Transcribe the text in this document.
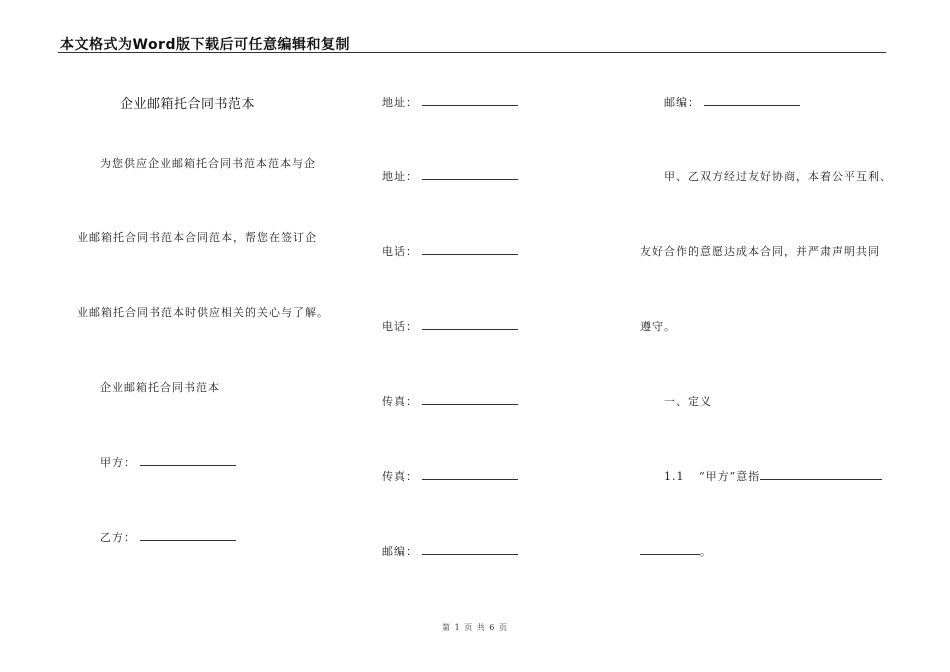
本文格式为Word版下载后可任意编辑和复制
企业邮箱托合同书范本
为您供应企业邮箱托合同书范本范本与企
业邮箱托合同书范本合同范本，帮您在签订企
业邮箱托合同书范本时供应相关的关心与了解。
企业邮箱托合同书范本
甲方：
乙方：
地址：
地址：
电话：
电话：
传真：
传真：
邮编：
邮编：
甲、乙双方经过友好协商，本着公平互利、
友好合作的意愿达成本合同，并严肃声明共同
遵守。
一、定义
1.1 “甲方”意指
。
第 1 页 共 6 页
